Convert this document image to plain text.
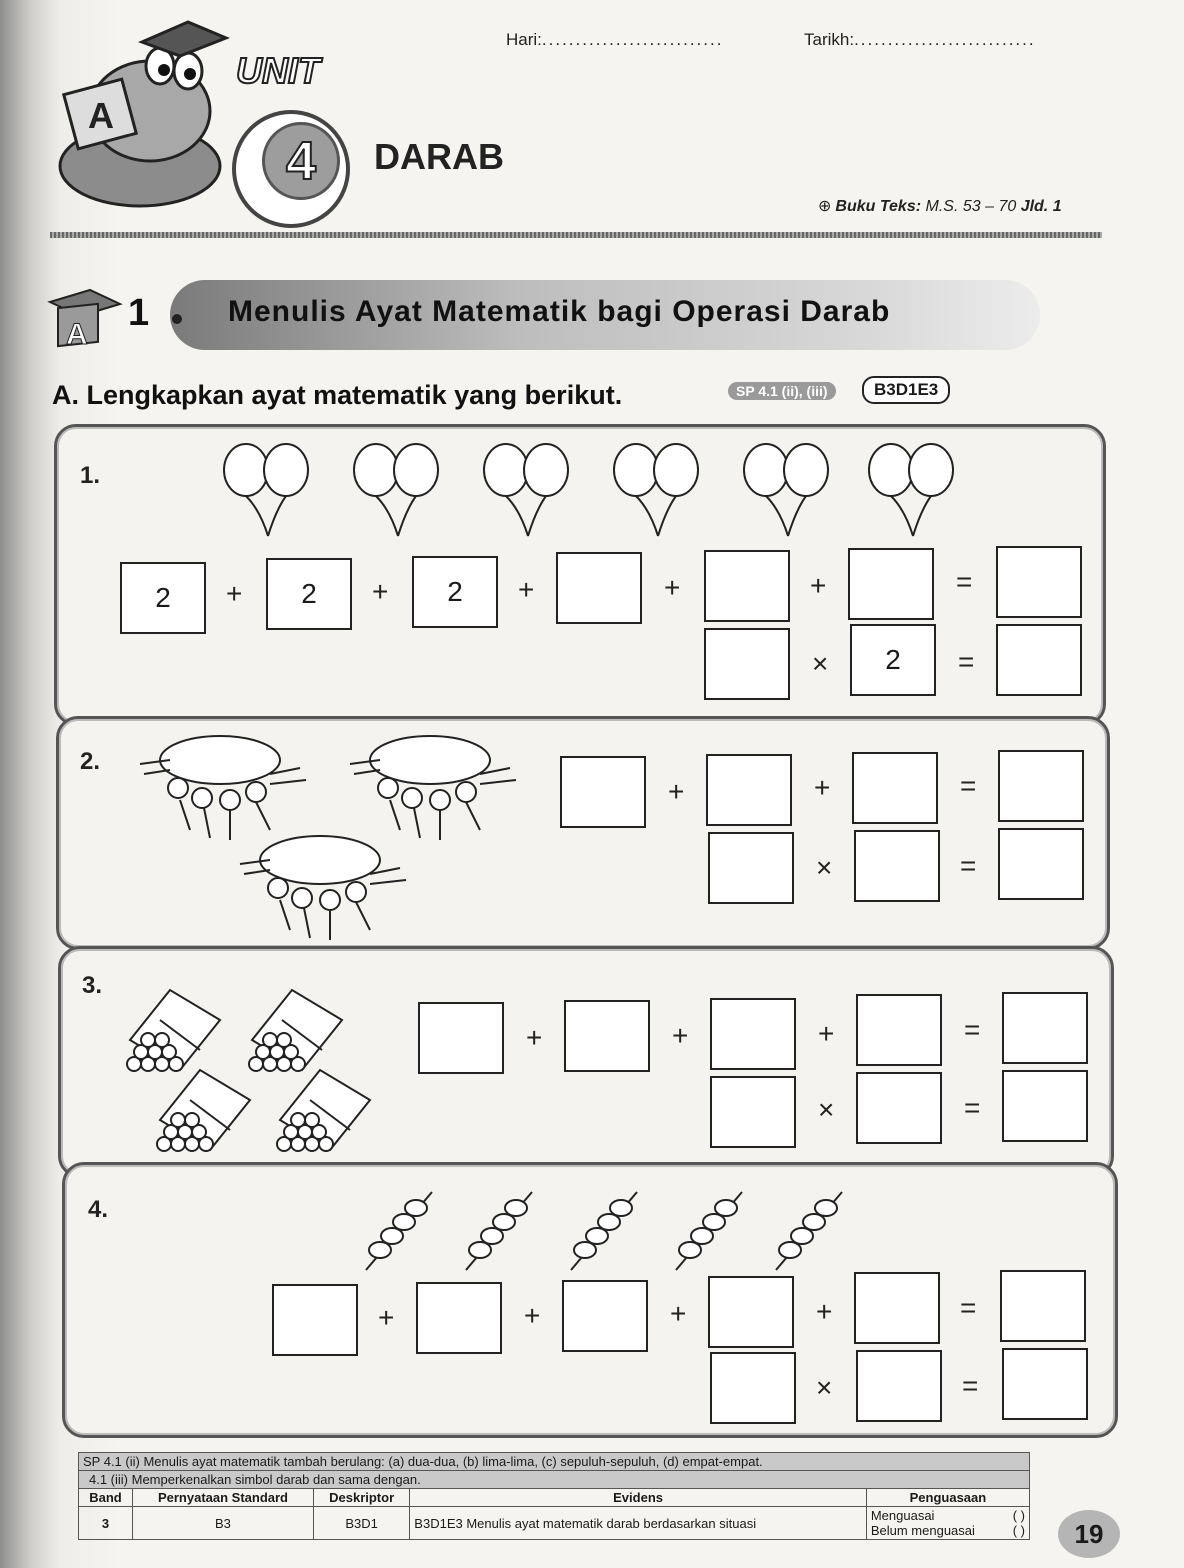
Hari:...........................	Tarikh:...........................
A
UNIT
4	DARAB
⊕ Buku Teks: M.S. 53 – 70 Jld. 1
A
1	Menulis Ayat Matematik bagi Operasi Darab
A. Lengkapkan ayat matematik yang berikut.	SP 4.1 (ii), (iii)	B3D1E3
1.
2	+	2	+	2	+	+	+	=
×	2	=
2.
+	+	=
×	=
3.
+	+	+	=
×	=
4.
+	+	+	+	=
×	=
SP 4.1 (ii) Menulis ayat matematik tambah berulang: (a) dua-dua, (b) lima-lima, (c) sepuluh-sepuluh, (d) empat-empat.				
4.1 (iii) Memperkenalkan simbol darab dan sama dengan.				
Band	Pernyataan Standard	Deskriptor	Evidens	Penguasaan
3	B3	B3D1	B3D1E3 Menulis ayat matematik darab berdasarkan situasi	Menguasai ( )
Belum menguasai ( )	19
